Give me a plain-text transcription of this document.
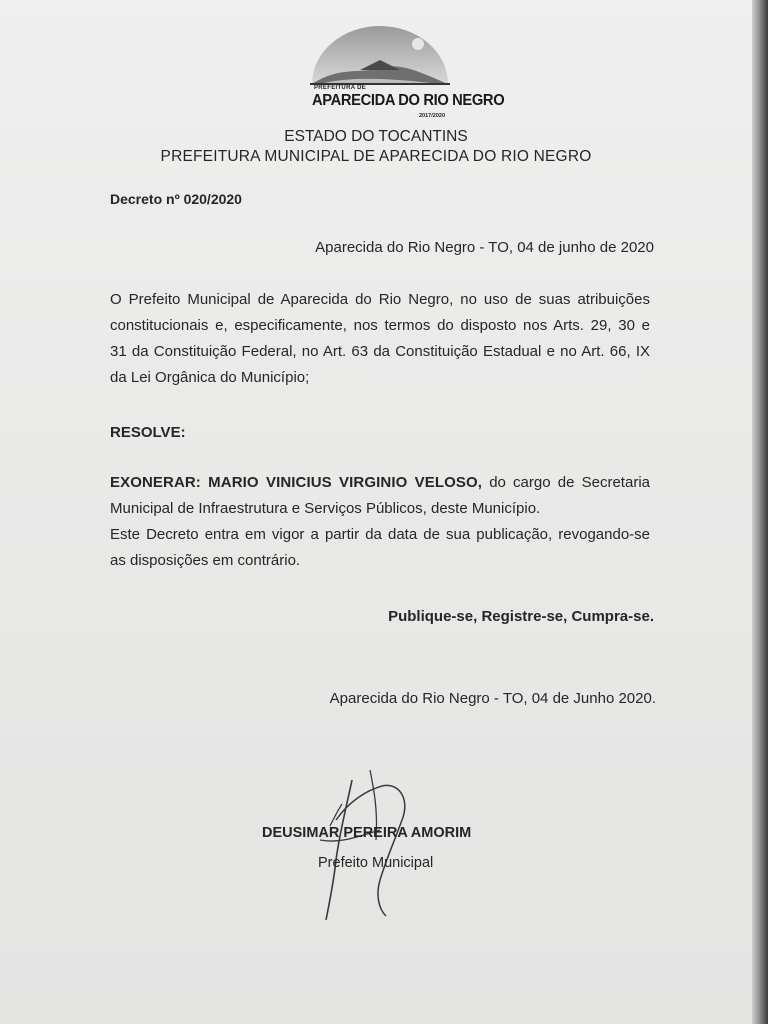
PREFEITURA DE
APARECIDA DO RIO NEGRO
2017/2020
ESTADO DO TOCANTINS
PREFEITURA MUNICIPAL DE APARECIDA DO RIO NEGRO
Decreto nº 020/2020
Aparecida do Rio Negro - TO, 04 de junho de 2020
O Prefeito Municipal de Aparecida do Rio Negro, no uso de suas atribuições
constitucionais e, especificamente, nos termos do disposto nos Arts. 29, 30 e
31 da Constituição Federal, no Art. 63 da Constituição Estadual e no Art. 66, IX
da Lei Orgânica do Município;
RESOLVE:
EXONERAR: MARIO VINICIUS VIRGINIO VELOSO, do cargo de Secretaria
Municipal de Infraestrutura e Serviços Públicos, deste Município.
Este Decreto entra em vigor a partir da data de sua publicação, revogando-se
as disposições em contrário.
Publique-se, Registre-se, Cumpra-se.
Aparecida do Rio Negro - TO, 04 de Junho 2020.
DEUSIMAR PEREIRA AMORIM
Prefeito Municipal
